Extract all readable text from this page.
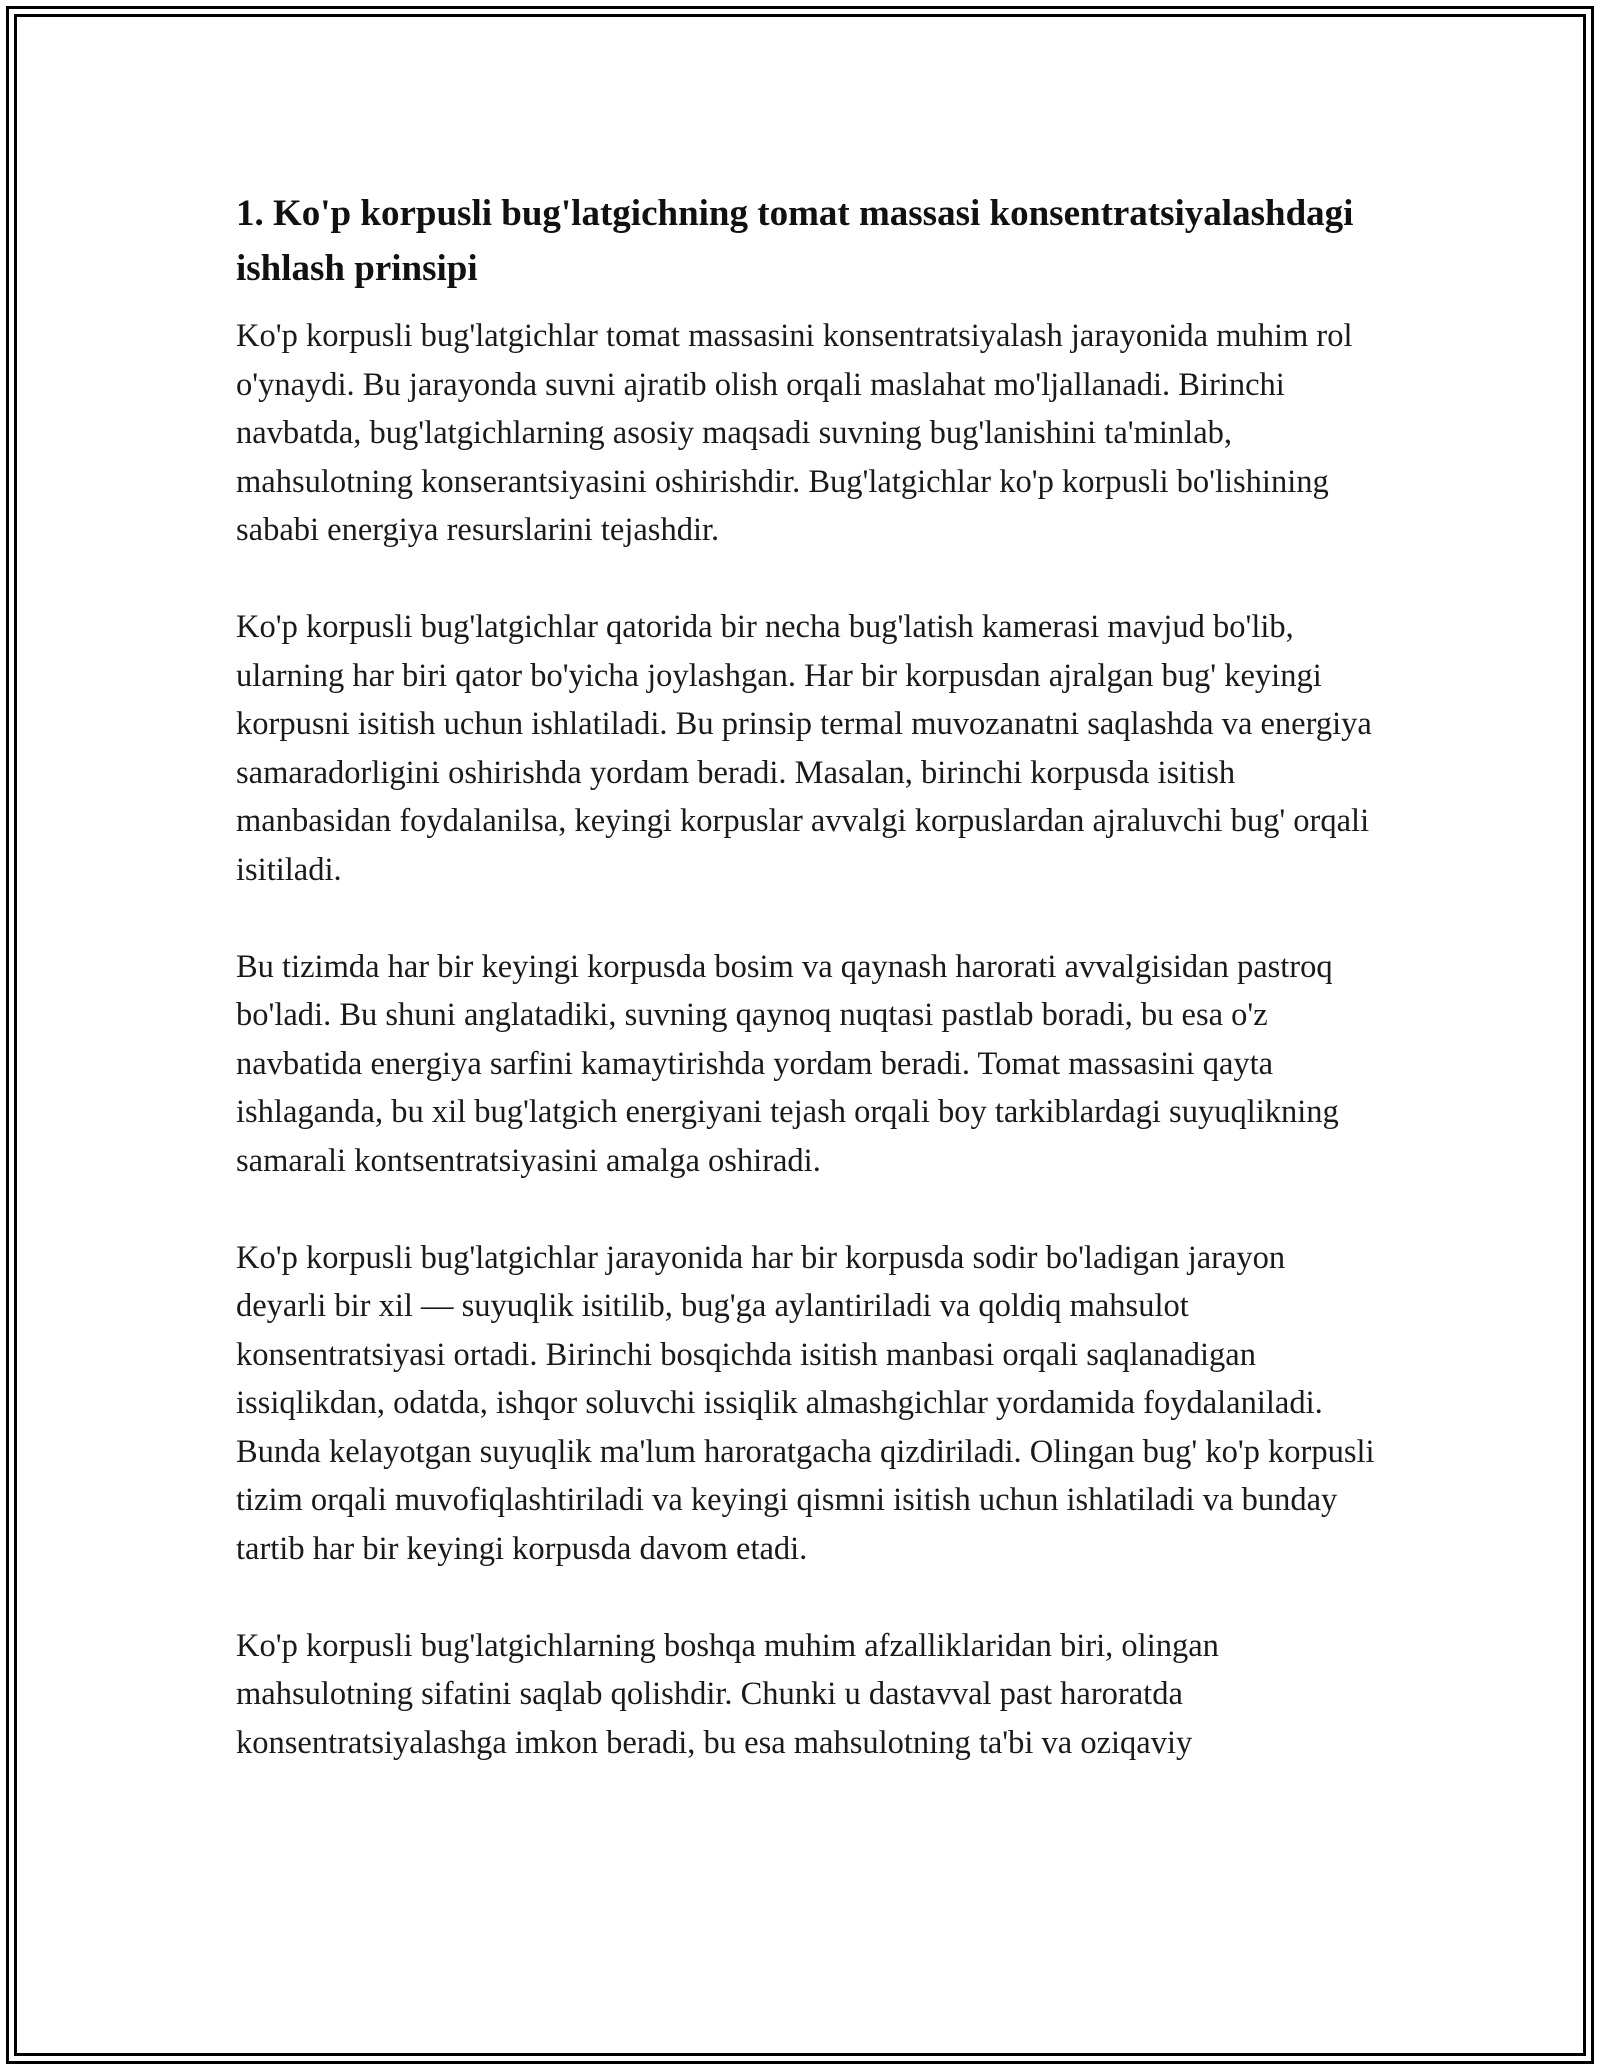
1. Ko'p korpusli bug'latgichning tomat massasi konsentratsiyalashdagi ishlash prinsipi

Ko'p korpusli bug'latgichlar tomat massasini konsentratsiyalash jarayonida muhim rol o'ynaydi. Bu jarayonda suvni ajratib olish orqali maslahat mo'ljallanadi. Birinchi navbatda, bug'latgichlarning asosiy maqsadi suvning bug'lanishini ta'minlab, mahsulotning konserantsiyasini oshirishdir. Bug'latgichlar ko'p korpusli bo'lishining sababi energiya resurslarini tejashdir.

Ko'p korpusli bug'latgichlar qatorida bir necha bug'latish kamerasi mavjud bo'lib, ularning har biri qator bo'yicha joylashgan. Har bir korpusdan ajralgan bug' keyingi korpusni isitish uchun ishlatiladi. Bu prinsip termal muvozanatni saqlashda va energiya samaradorligini oshirishda yordam beradi. Masalan, birinchi korpusda isitish manbasidan foydalanilsa, keyingi korpuslar avvalgi korpuslardan ajraluvchi bug' orqali isitiladi.

Bu tizimda har bir keyingi korpusda bosim va qaynash harorati avvalgisidan pastroq bo'ladi. Bu shuni anglatadiki, suvning qaynoq nuqtasi pastlab boradi, bu esa o'z navbatida energiya sarfini kamaytirishda yordam beradi. Tomat massasini qayta ishlaganda, bu xil bug'latgich energiyani tejash orqali boy tarkiblardagi suyuqlikning samarali kontsentratsiyasini amalga oshiradi.

Ko'p korpusli bug'latgichlar jarayonida har bir korpusda sodir bo'ladigan jarayon deyarli bir xil — suyuqlik isitilib, bug'ga aylantiriladi va qoldiq mahsulot konsentratsiyasi ortadi. Birinchi bosqichda isitish manbasi orqali saqlanadigan issiqlikdan, odatda, ishqor soluvchi issiqlik almashgichlar yordamida foydalaniladi. Bunda kelayotgan suyuqlik ma'lum haroratgacha qizdiriladi. Olingan bug' ko'p korpusli tizim orqali muvofiqlashtiriladi va keyingi qismni isitish uchun ishlatiladi va bunday tartib har bir keyingi korpusda davom etadi.

Ko'p korpusli bug'latgichlarning boshqa muhim afzalliklaridan biri, olingan mahsulotning sifatini saqlab qolishdir. Chunki u dastavval past haroratda konsentratsiyalashga imkon beradi, bu esa mahsulotning ta'bi va oziqaviy
